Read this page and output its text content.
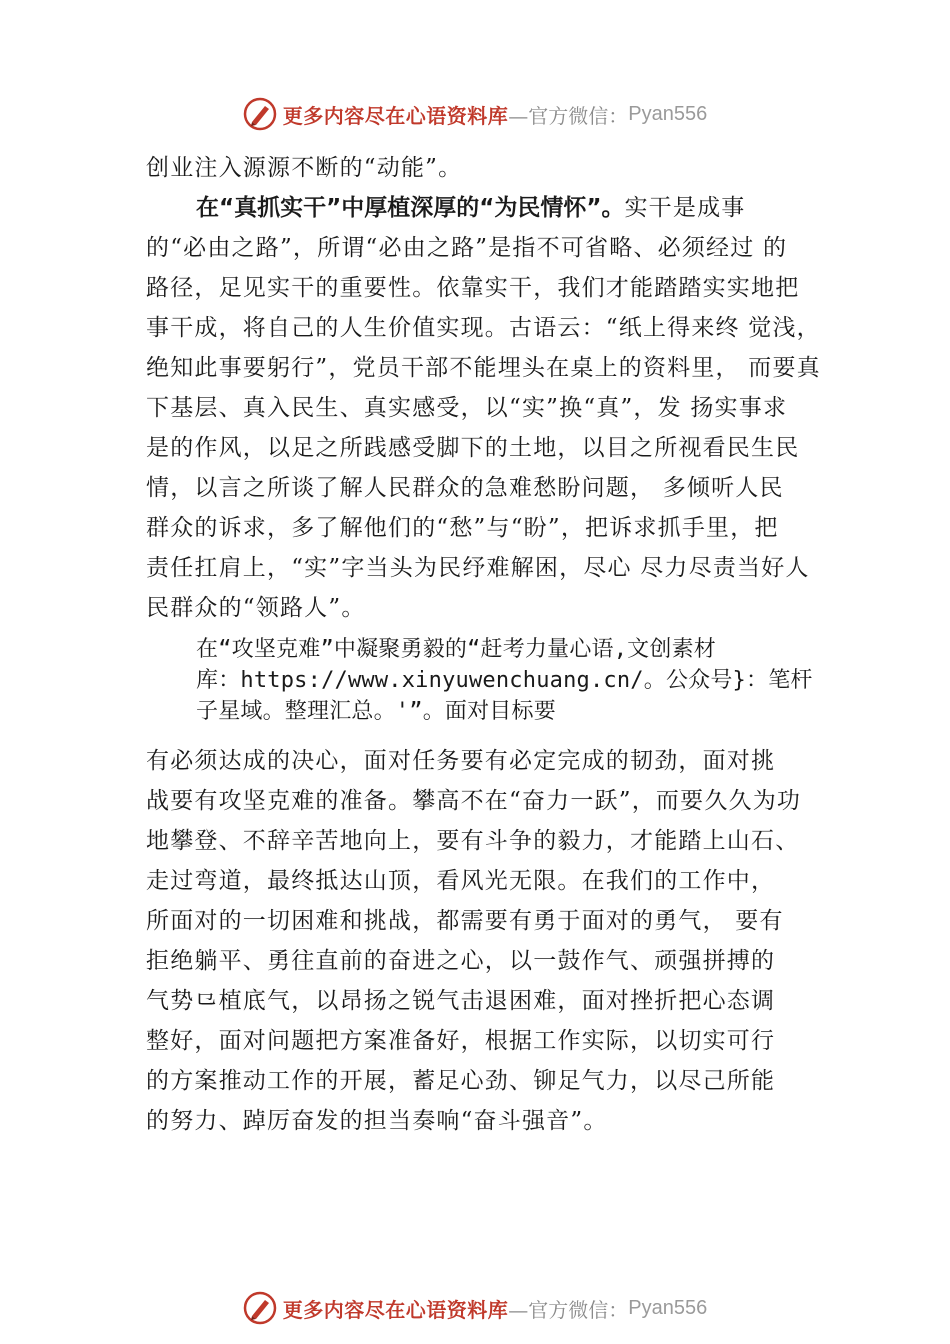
更多内容尽在心语资料库 —官方微信： Pyan556
创业注入源源不断的“动能”。
在“真抓实干”中厚植深厚的“为民情怀”。实干是成事
的“必由之路”，所谓“必由之路”是指不可省略、必须经过 的
路径，足见实干的重要性。依靠实干，我们才能踏踏实实地把
事干成，将自己的人生价值实现。古语云：“纸上得来终 觉浅，
绝知此事要躬行”，党员干部不能埋头在桌上的资料里， 而要真
下基层、真入民生、真实感受，以“实”换“真”，发 扬实事求
是的作风，以足之所践感受脚下的土地，以目之所视看民生民
情，以言之所谈了解人民群众的急难愁盼问题， 多倾听人民
群众的诉求，多了解他们的“愁”与“盼”，把诉求抓手里，把
责任扛肩上，“实”字当头为民纾难解困，尽心 尽力尽责当好人
民群众的“领路人”。
在“攻坚克难”中凝聚勇毅的“赶考力量心语,文创素材
库：https://www.xinyuwenchuang.cn/。公众号}：笔杆
子星域。整理汇总。'”。面对目标要
有必须达成的决心，面对任务要有必定完成的韧劲，面对挑
战要有攻坚克难的准备。攀高不在“奋力一跃”，而要久久为功
地攀登、不辞辛苦地向上，要有斗争的毅力，才能踏上山石、
走过弯道，最终抵达山顶，看风光无限。在我们的工作中，
所面对的一切困难和挑战，都需要有勇于面对的勇气， 要有
拒绝躺平、勇往直前的奋进之心，以一鼓作气、顽强拼搏的
气势⺋植底气，以昂扬之锐气击退困难，面对挫折把心态调
整好，面对问题把方案准备好，根据工作实际，以切实可行
的方案推动工作的开展，蓄足心劲、铆足气力，以尽己所能
的努力、踔厉奋发的担当奏响“奋斗强音”。
更多内容尽在心语资料库 —官方微信： Pyan556
